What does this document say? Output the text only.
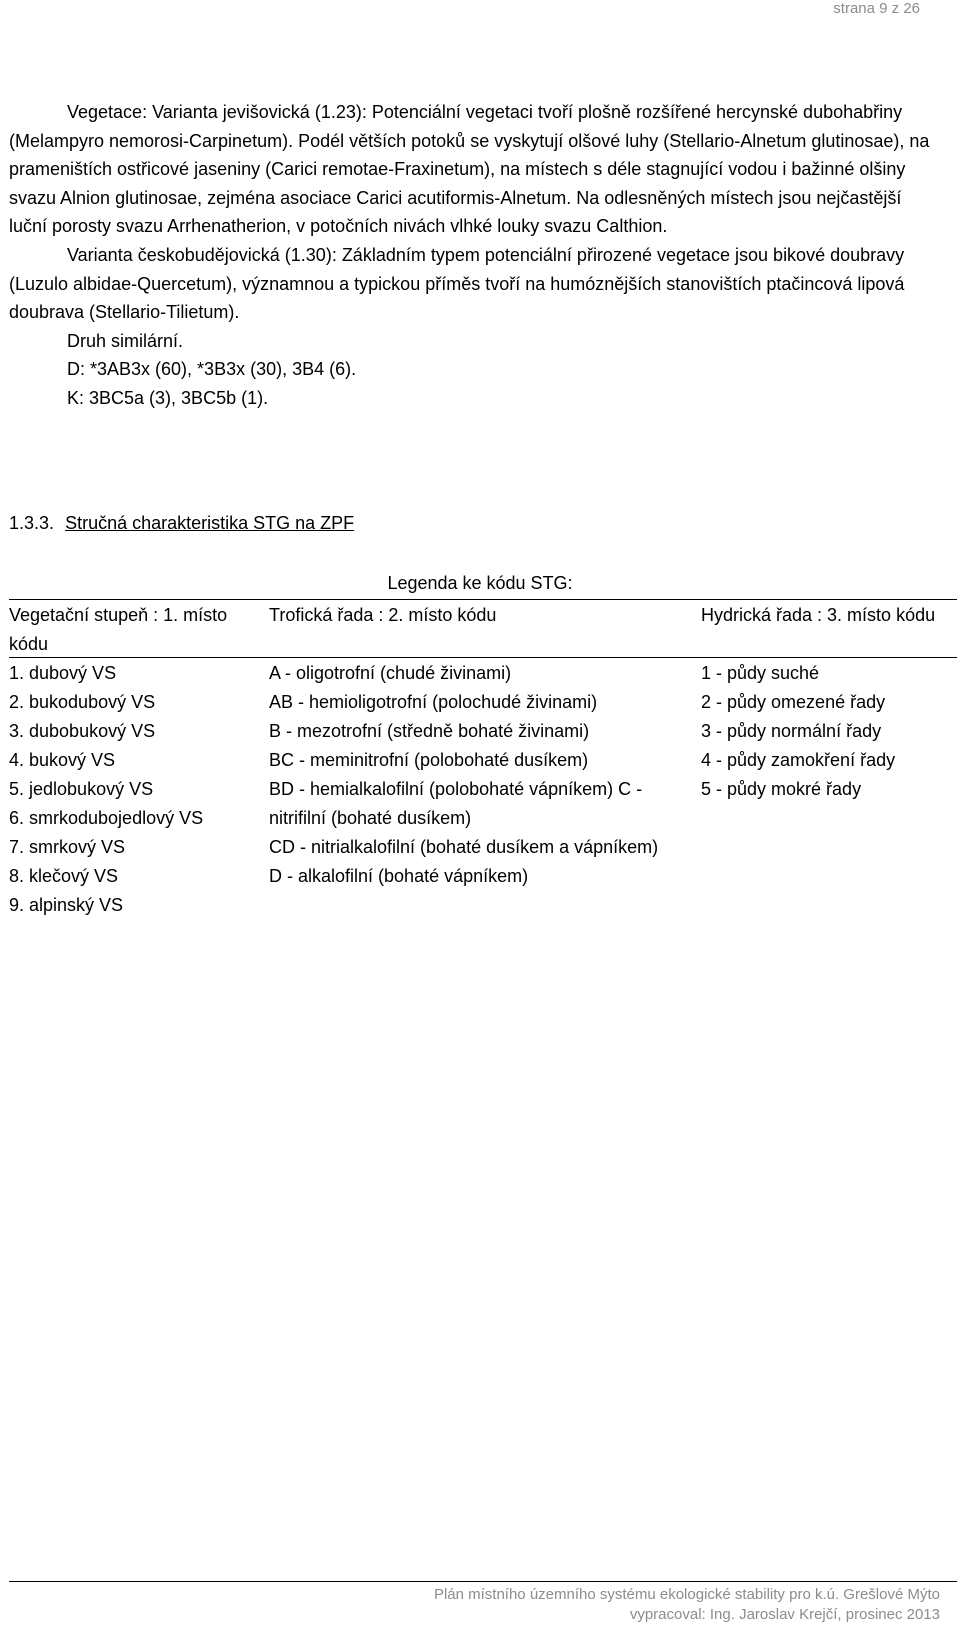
strana 9 z 26

Vegetace: Varianta jevišovická (1.23): Potenciální vegetaci tvoří plošně rozšířené hercynské dubohabřiny (Melampyro nemorosi-Carpinetum). Podél větších potoků se vyskytují olšové luhy (Stellario-Alnetum glutinosae), na prameništích ostřicové jaseniny (Carici remotae-Fraxinetum), na místech s déle stagnující vodou i bažinné olšiny svazu Alnion glutinosae, zejména asociace Carici acutiformis-Alnetum. Na odlesněných místech jsou nejčastější luční porosty svazu Arrhenatherion, v potočních nivách vlhké louky svazu Calthion.

Varianta českobudějovická (1.30): Základním typem potenciální přirozené vegetace jsou bikové doubravy (Luzulo albidae-Quercetum), významnou a typickou příměs tvoří na humóznějších stanovištích ptačincová lipová doubrava (Stellario-Tilietum).

Druh similární.

D: *3AB3x (60), *3B3x (30), 3B4 (6).

K: 3BC5a (3), 3BC5b (1).

1.3.3. Stručná charakteristika STG na ZPF
Legenda ke kódu STG:
Vegetační stupeň : 1. místo kódu
Trofická řada : 2. místo kódu	Hydrická řada : 3. místo kódu
1. dubový VS
2. bukodubový VS
3. dubobukový VS
4. bukový VS
5. jedlobukový VS
6. smrkodubojedlový VS
7. smrkový VS
8. klečový VS
9. alpinský VS
A - oligotrofní (chudé živinami)
AB - hemioligotrofní (polochudé živinami)
B - mezotrofní (středně bohaté živinami)
BC - meminitrofní (polobohaté dusíkem)
BD - hemialkalofilní (polobohaté vápníkem) C - nitrifilní (bohaté dusíkem)
CD - nitrialkalofilní (bohaté dusíkem a vápníkem)
D - alkalofilní (bohaté vápníkem)
1 - půdy suché
2 - půdy omezené řady
3 - půdy normální řady
4 - půdy zamokření řady
5 - půdy mokré řady
Plán místního územního systému ekologické stability pro k.ú. Grešlové Mýto
vypracoval: Ing. Jaroslav Krejčí, prosinec 2013
